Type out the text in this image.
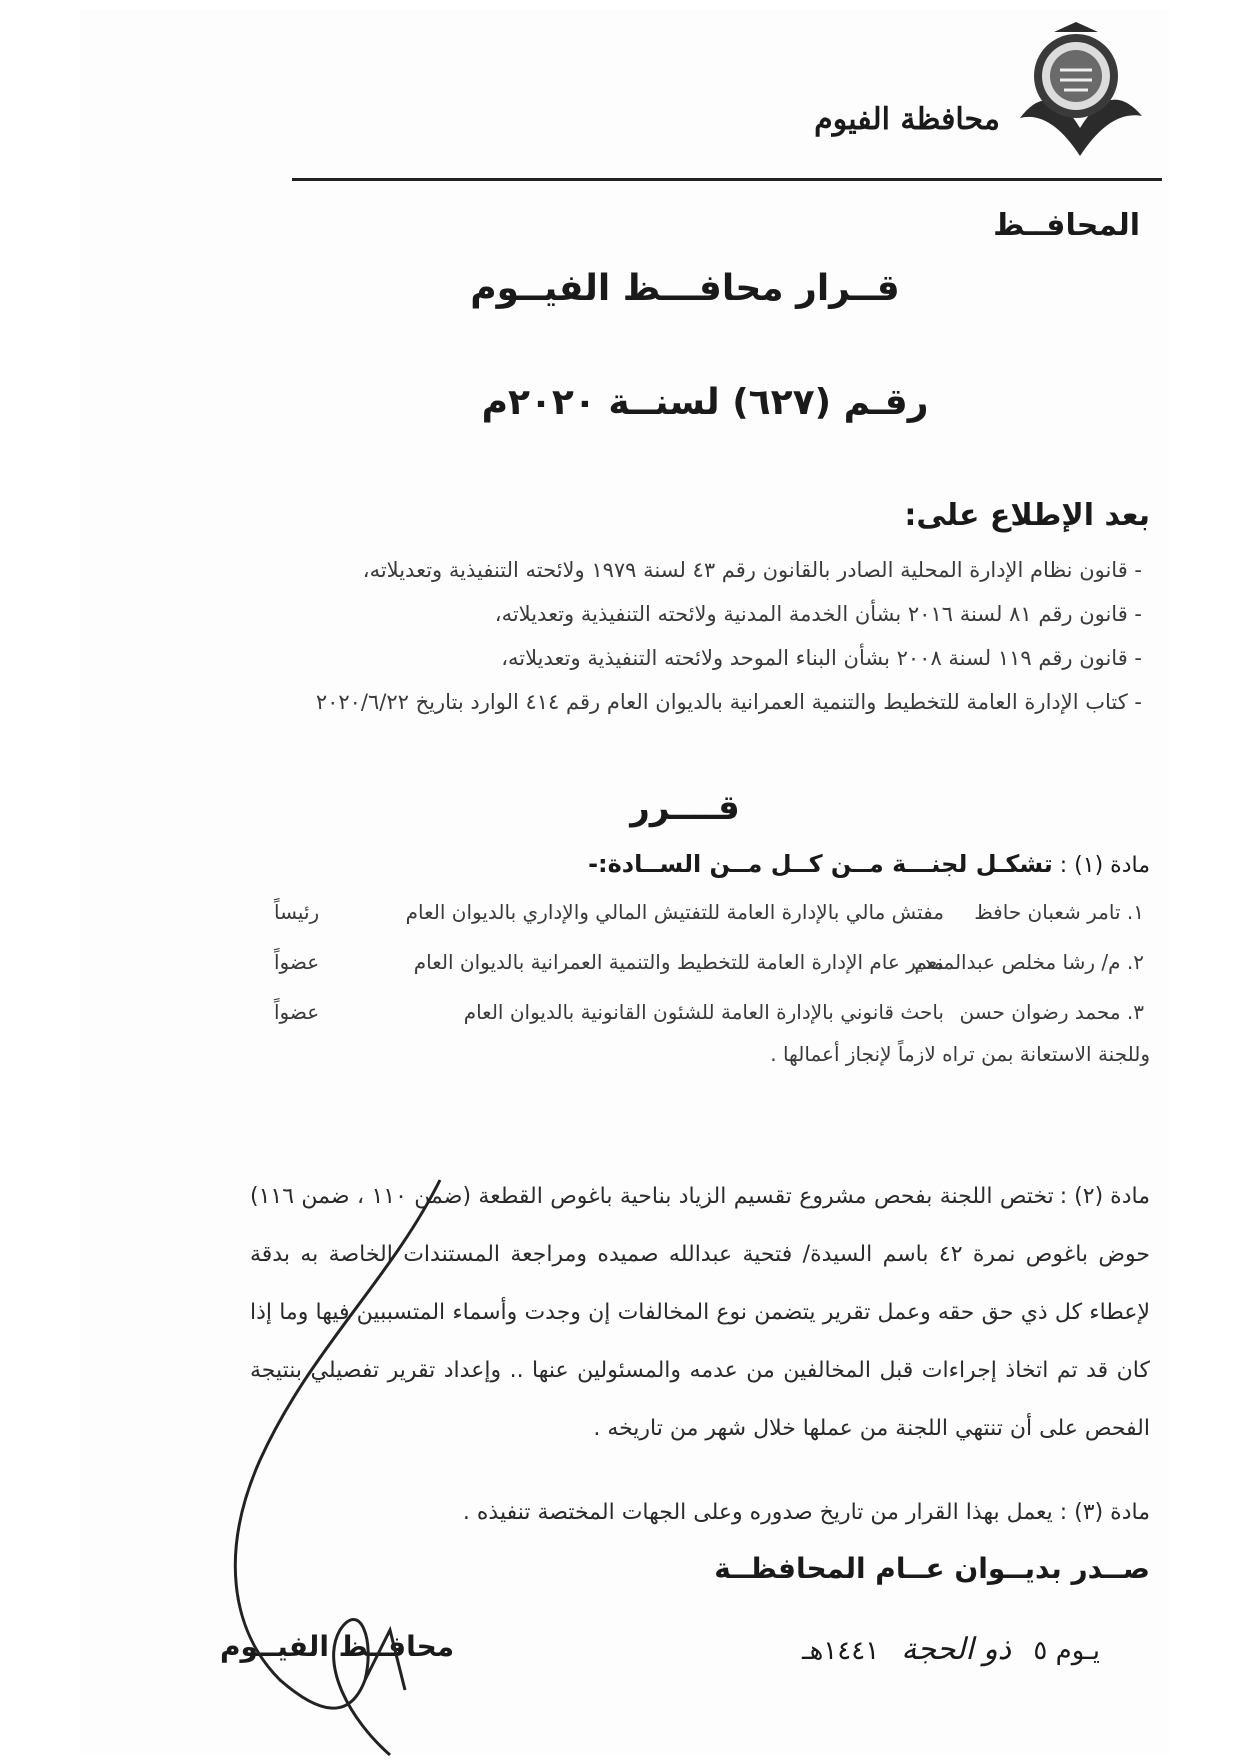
محافظة الفيوم
المحافــظ
قــرار محافـــظ الفيــوم
رقـم (٦٢٧) لسنــة ٢٠٢٠م
بعد الإطلاع على:
- قانون نظام الإدارة المحلية الصادر بالقانون رقم ٤٣ لسنة ١٩٧٩ ولائحته التنفيذية وتعديلاته،
- قانون رقم ٨١ لسنة ٢٠١٦ بشأن الخدمة المدنية ولائحته التنفيذية وتعديلاته،
- قانون رقم ١١٩ لسنة ٢٠٠٨ بشأن البناء الموحد ولائحته التنفيذية وتعديلاته،
- كتاب الإدارة العامة للتخطيط والتنمية العمرانية بالديوان العام رقم ٤١٤ الوارد بتاريخ ٢٠٢٠/٦/٢٢
قــــرر
مادة (١) : تشكـل لجنـــة مــن كــل مــن الســادة:-
١. تامر شعبان حافظ
مفتش مالي بالإدارة العامة للتفتيش المالي والإداري بالديوان العام
رئيساً
٢. م/ رشا مخلص عبدالمنعم
مدير عام الإدارة العامة للتخطيط والتنمية العمرانية بالديوان العام
عضواً
٣. محمد رضوان حسن
باحث قانوني بالإدارة العامة للشئون القانونية بالديوان العام
عضواً
وللجنة الاستعانة بمن تراه لازماً لإنجاز أعمالها .
مادة (٢) :
تختص اللجنة بفحص مشروع تقسيم الزياد بناحية باغوص القطعة (ضمن ١١٠ ، ضمن ١١٦) حوض باغوص نمرة ٤٢ باسم السيدة/ فتحية عبدالله صميده ومراجعة المستندات الخاصة به بدقة لإعطاء كل ذي حق حقه وعمل تقرير يتضمن نوع المخالفات إن وجدت وأسماء المتسببين فيها وما إذا كان قد تم اتخاذ إجراءات قبل المخالفين من عدمه والمسئولين عنها .. وإعداد تقرير تفصيلي بنتيجة الفحص على أن تنتهي اللجنة من عملها خلال شهر من تاريخه .
مادة (٣) : يعمل بهذا القرار من تاريخ صدوره وعلى الجهات المختصة تنفيذه .
صــدر بديــوان عــام المحافظــة
يـوم ٥ ذو الحجة ١٤٤١هـ
محافــظ الفيــوم
